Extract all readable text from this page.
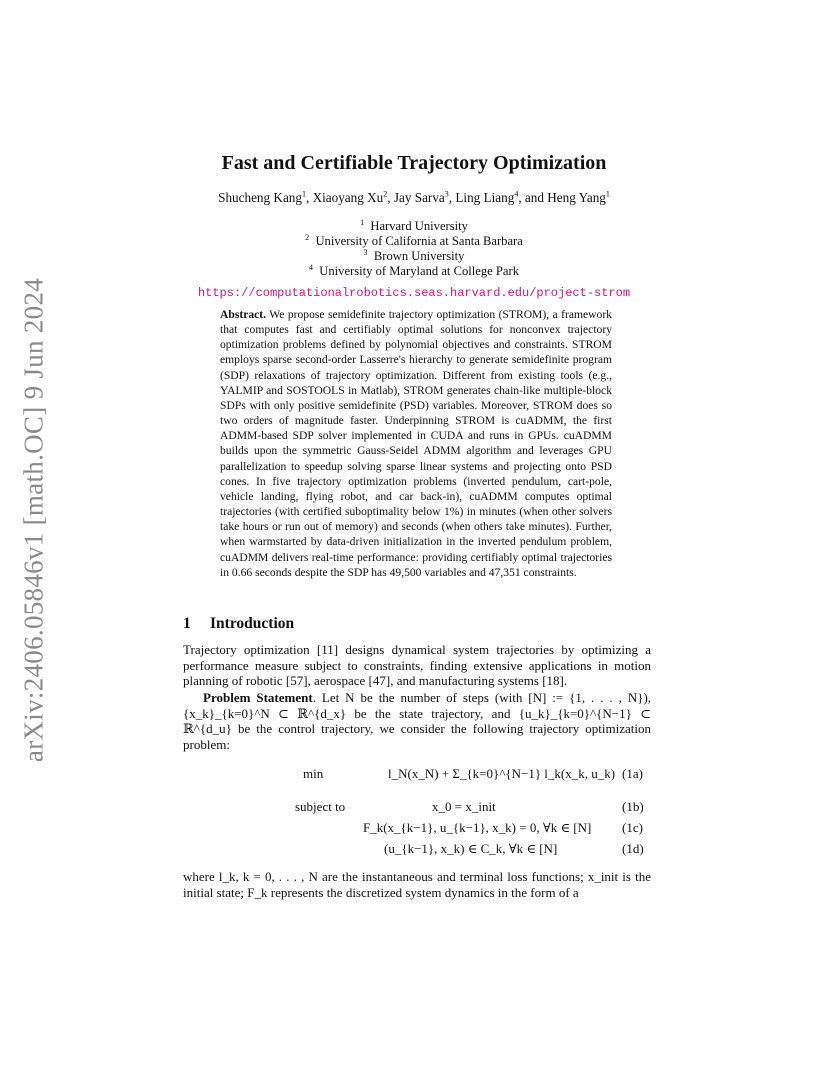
arXiv:2406.05846v1 [math.OC] 9 Jun 2024
Fast and Certifiable Trajectory Optimization
Shucheng Kang$^1$, Xiaoyang Xu$^2$, Jay Sarva$^3$, Ling Liang$^4$, and Heng Yang$^1$
$^1$ Harvard University
$^2$ University of California at Santa Barbara
$^3$ Brown University
$^4$ University of Maryland at College Park
https://computationalrobotics.seas.harvard.edu/project-strom
Abstract. We propose semidefinite trajectory optimization (STROM), a framework that computes fast and certifiably optimal solutions for nonconvex trajectory optimization problems defined by polynomial objectives and constraints. STROM employs sparse second-order Lasserre's hierarchy to generate semidefinite program (SDP) relaxations of trajectory optimization. Different from existing tools (e.g., YALMIP and SOSTOOLS in Matlab), STROM generates chain-like multiple-block SDPs with only positive semidefinite (PSD) variables. Moreover, STROM does so two orders of magnitude faster. Underpinning STROM is cuADMM, the first ADMM-based SDP solver implemented in CUDA and runs in GPUs. cuADMM builds upon the symmetric Gauss-Seidel ADMM algorithm and leverages GPU parallelization to speedup solving sparse linear systems and projecting onto PSD cones. In five trajectory optimization problems (inverted pendulum, cart-pole, vehicle landing, flying robot, and car back-in), cuADMM computes optimal trajectories (with certified suboptimality below 1%) in minutes (when other solvers take hours or run out of memory) and seconds (when others take minutes). Further, when warmstarted by data-driven initialization in the inverted pendulum problem, cuADMM delivers real-time performance: providing certifiably optimal trajectories in 0.66 seconds despite the SDP has 49,500 variables and 47,351 constraints.
1 Introduction
Trajectory optimization [11] designs dynamical system trajectories by optimizing a performance measure subject to constraints, finding extensive applications in motion planning of robotic [57], aerospace [47], and manufacturing systems [18].
Problem Statement. Let N be the number of steps (with [N] := {1, . . . , N}), {x_k}_{k=0}^N ⊂ ℝ^{d_x} be the state trajectory, and {u_k}_{k=0}^{N−1} ⊂ ℝ^{d_u} be the control trajectory, we consider the following trajectory optimization problem:
min	l_N(x_N) + Σ_{k=0}^{N−1} l_k(x_k, u_k) (1a)
subject to	x_0 = x_init	(1b)
F_k(x_{k−1}, u_{k−1}, x_k) = 0, ∀k ∈ [N] (1c)
(u_{k−1}, x_k) ∈ C_k, ∀k ∈ [N]	(1d)
where l_k, k = 0, . . . , N are the instantaneous and terminal loss functions; x_init is the initial state; F_k represents the discretized system dynamics in the form of a
